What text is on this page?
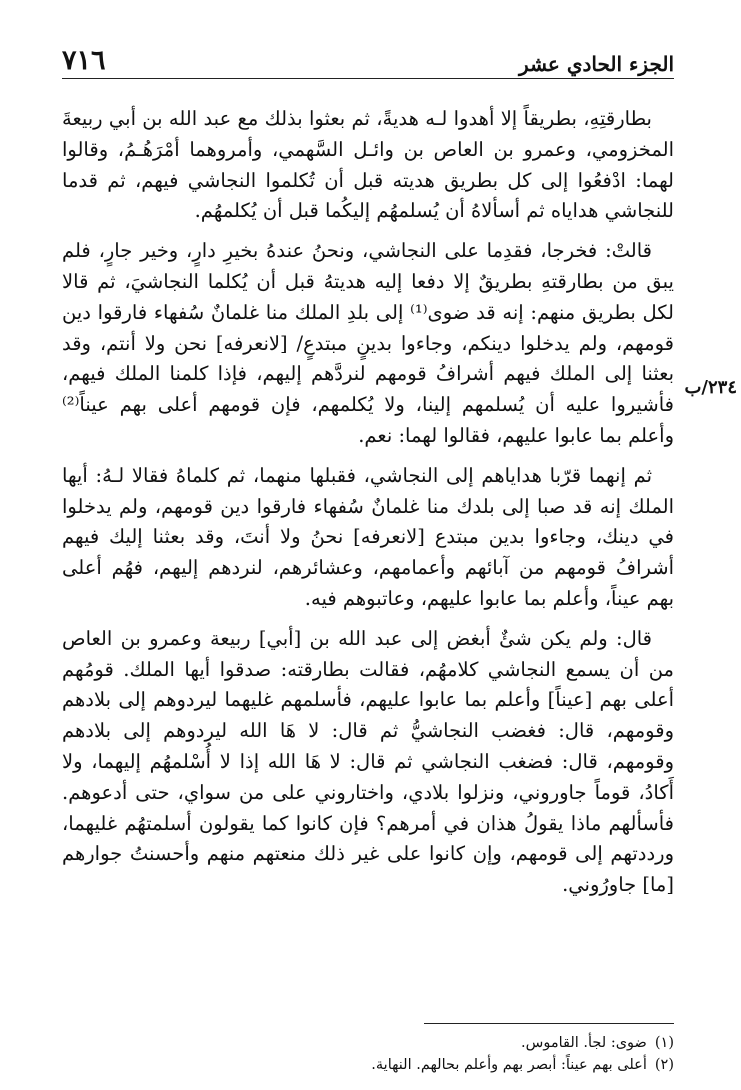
٧١٦	الجزء الحادي عشر

بطارقتِهِ، بطريقاً إلا أهدوا لـه هديةً، ثم بعثوا بذلك مع عبد الله بن أبي ربيعةَ المخزومي، وعمرو بن العاص بن وائـل السَّهمي، وأمروهما أمْرَهُـمُ، وقالوا لهما: ادْفعُوا إلى كل بطريق هديته قبل أن تُكلموا النجاشي فيهم، ثم قدما للنجاشي هداياه ثم أسألاهُ أن يُسلمهُم إليكُما قبل أن يُكلمهُم.

قالتْ: فخرجا، فقدِما على النجاشي، ونحنُ عندهُ بخيرِ دارٍ، وخير جارٍ، فلم يبق من بطارقتهِ بطريقٌ إلا دفعا إليه هديتهُ قبل أن يُكلما النجاشيَ، ثم قالا لكل بطريق منهم: إنه قد ضوى⁽¹⁾ إلى بلدِ الملك منا غلمانٌ سُفهاء فارقوا دين قومهم، ولم يدخلوا دينكم، وجاءوا بدينٍ مبتدعٍ/ [لانعرفه] نحن ولا أنتم، وقد بعثنا إلى الملك فيهم أشرافُ قومهم لنردَّهم إليهم، فإذا كلمنا الملك فيهم، فأشيروا عليه أن يُسلمهم إلينا، ولا يُكلمهم، فإن قومهم أعلى بهم عيناً⁽²⁾ وأعلم بما عابوا عليهم، فقالوا لهما: نعم.

ثم إنهما قرّبا هداياهم إلى النجاشي، فقبلها منهما، ثم كلماهُ فقالا لـهُ: أيها الملك إنه قد صبا إلى بلدك منا غلمانٌ سُفهاء فارقوا دين قومهم، ولم يدخلوا في دينك، وجاءوا بدين مبتدع [لانعرفه] نحنُ ولا أنتَ، وقد بعثنا إليك فيهم أشرافُ قومهم من آبائهم وأعمامهم، وعشائرهم، لنردهم إليهم، فهُم أعلى بهم عيناً، وأعلم بما عابوا عليهم، وعاتبوهم فيه.

قال: ولم يكن شئٌ أبغض إلى عبد الله بن [أبي] ربيعة وعمرو بن العاص من أن يسمع النجاشي كلامهُم، فقالت بطارقته: صدقوا أيها الملك. قومُهم أعلى بهم [عيناً] وأعلم بما عابوا عليهم، فأسلمهم غليهما ليردوهم إلى بلادهم وقومهم، قال: فغضب النجاشيُّ ثم قال: لا هَا الله ليردوهم إلى بلادهم وقومهم، قال: فضغب النجاشي ثم قال: لا هَا الله إذا لا أُسْلمهُم إليهما، ولا أَكادُ، قوماً جاوروني، ونزلوا بلادي، واختاروني على من سواي، حتى أدعوهم. فأسألهم ماذا يقولُ هذان في أمرهم؟ فإن كانوا كما يقولون أسلمتهُم غليهما، ورددتهم إلى قومهم، وإن كانوا على غير ذلك منعتهم منهم وأحسنتُ جوارهم [ما] جاورُوني.

٢٣٤/ب
(١)
ضوى: لجأ. القاموس.
(٢)
أعلى بهم عيناً: أبصر بهم وأعلم بحالهم. النهاية.
